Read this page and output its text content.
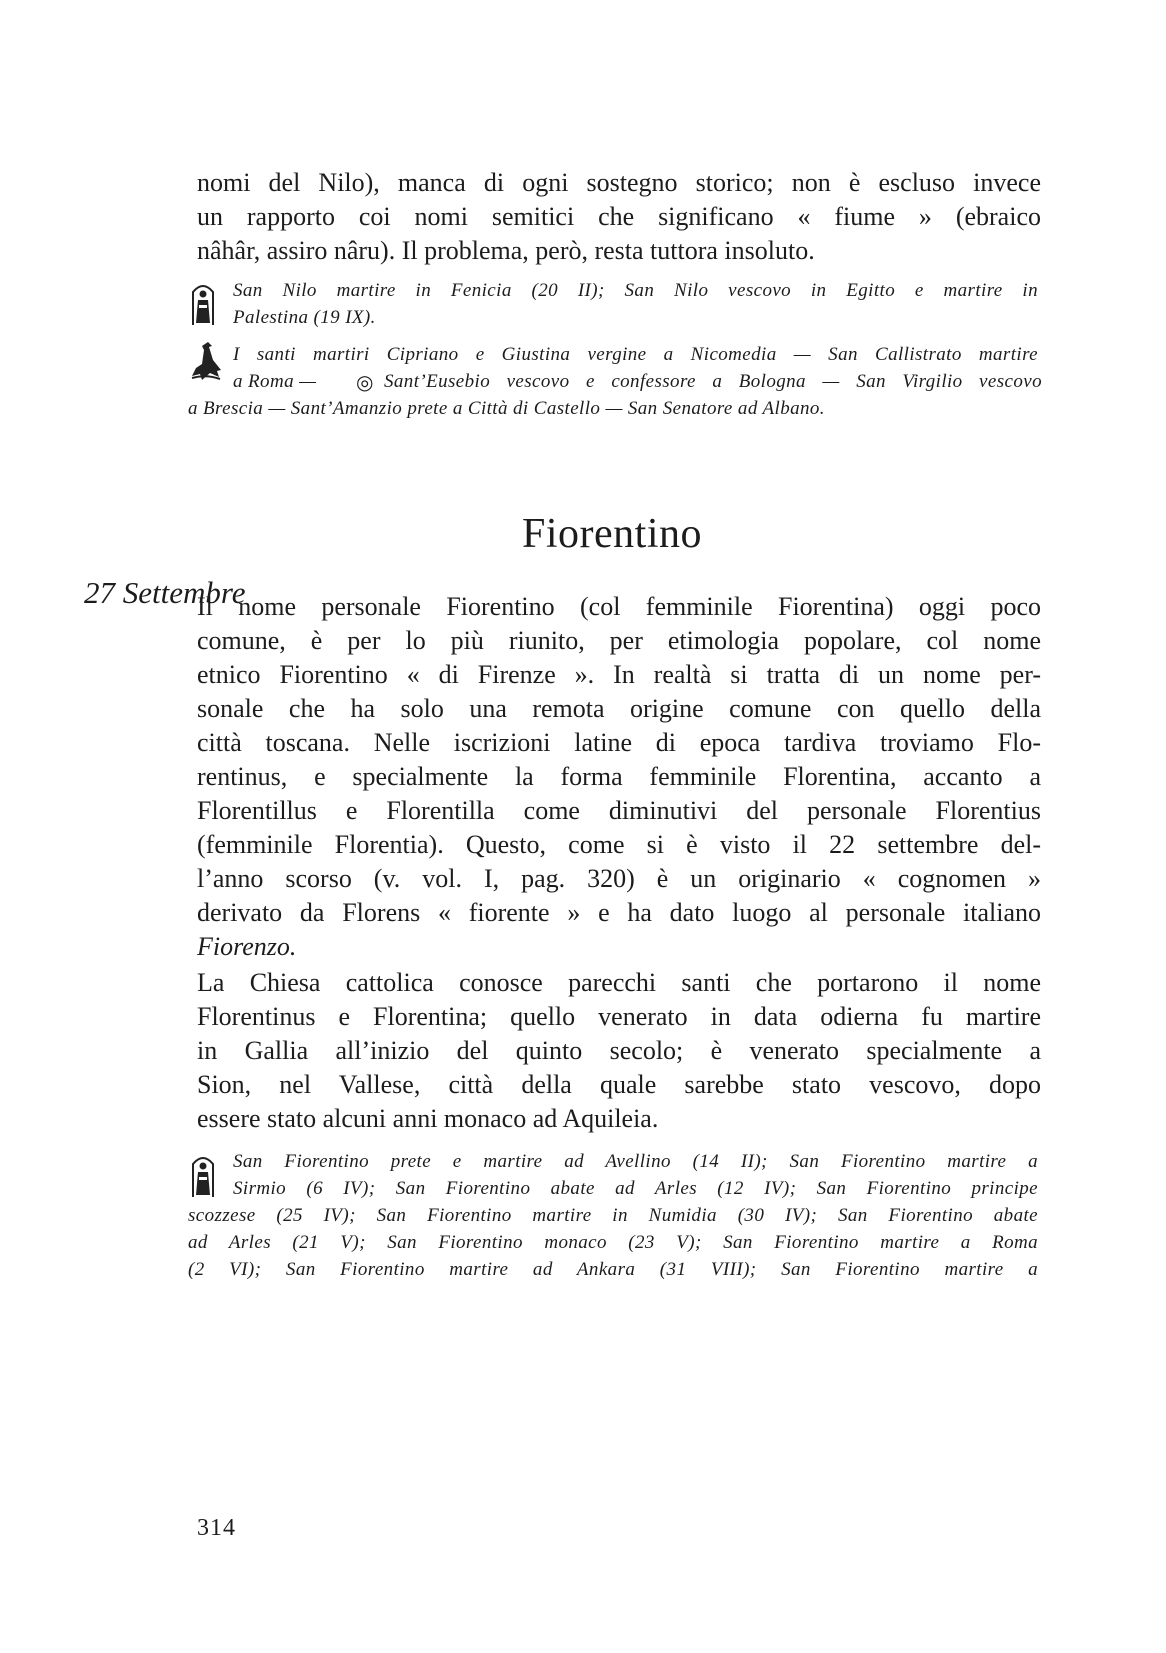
nomi del Nilo), manca di ogni sostegno storico; non è escluso invece
un rapporto coi nomi semitici che significano « fiume » (ebraico
nâhâr, assiro nâru). Il problema, però, resta tuttora insoluto.
San Nilo martire in Fenicia (20 II); San Nilo vescovo in Egitto e martire in
Palestina (19 IX).
I santi martiri Cipriano e Giustina vergine a Nicomedia — San Callistrato martire
a Roma — ◎ Sant’Eusebio vescovo e confessore a Bologna — San Virgilio vescovo
a Brescia — Sant’Amanzio prete a Città di Castello — San Senatore ad Albano.
Fiorentino
27 Settembre
Il nome personale Fiorentino (col femminile Fiorentina) oggi poco
comune, è per lo più riunito, per etimologia popolare, col nome
etnico Fiorentino « di Firenze ». In realtà si tratta di un nome per-
sonale che ha solo una remota origine comune con quello della
città toscana. Nelle iscrizioni latine di epoca tardiva troviamo Flo-
rentinus, e specialmente la forma femminile Florentina, accanto a
Florentillus e Florentilla come diminutivi del personale Florentius
(femminile Florentia). Questo, come si è visto il 22 settembre del-
l’anno scorso (v. vol. I, pag. 320) è un originario « cognomen »
derivato da Florens « fiorente » e ha dato luogo al personale italiano
Fiorenzo.
La Chiesa cattolica conosce parecchi santi che portarono il nome
Florentinus e Florentina; quello venerato in data odierna fu martire
in Gallia all’inizio del quinto secolo; è venerato specialmente a
Sion, nel Vallese, città della quale sarebbe stato vescovo, dopo
essere stato alcuni anni monaco ad Aquileia.
San Fiorentino prete e martire ad Avellino (14 II); San Fiorentino martire a
Sirmio (6 IV); San Fiorentino abate ad Arles (12 IV); San Fiorentino principe
scozzese (25 IV); San Fiorentino martire in Numidia (30 IV); San Fiorentino abate
ad Arles (21 V); San Fiorentino monaco (23 V); San Fiorentino martire a Roma
(2 VI); San Fiorentino martire ad Ankara (31 VIII); San Fiorentino martire a
314
